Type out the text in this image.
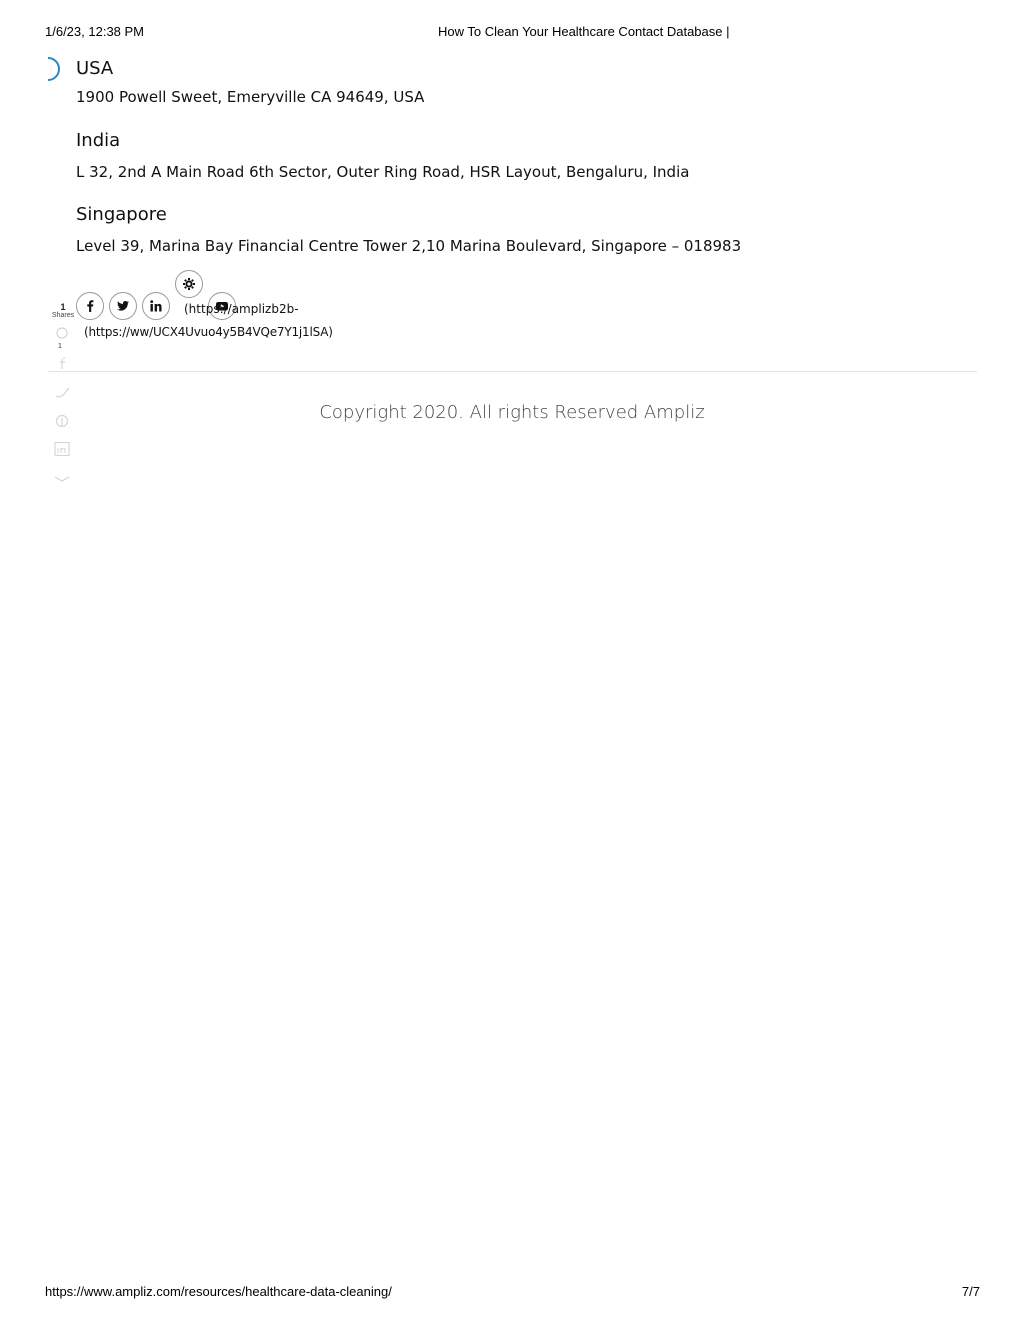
1/6/23, 12:38 PM	How To Clean Your Healthcare Contact Database |
USA

1900 Powell Sweet, Emeryville CA 94649, USA

India

L 32, 2nd A Main Road 6th Sector, Outer Ring Road, HSR Layout, Bengaluru, India

Singapore

Level 39, Marina Bay Financial Centre Tower 2,10 Marina Boulevard, Singapore – 018983

1
Shares
1
(https://amplizb2b-
(https://ww/UCX4Uvuo4y5B4VQe7Y1j1lSA)
Copyright 2020. All rights Reserved Ampliz
https://www.ampliz.com/resources/healthcare-data-cleaning/	7/7
